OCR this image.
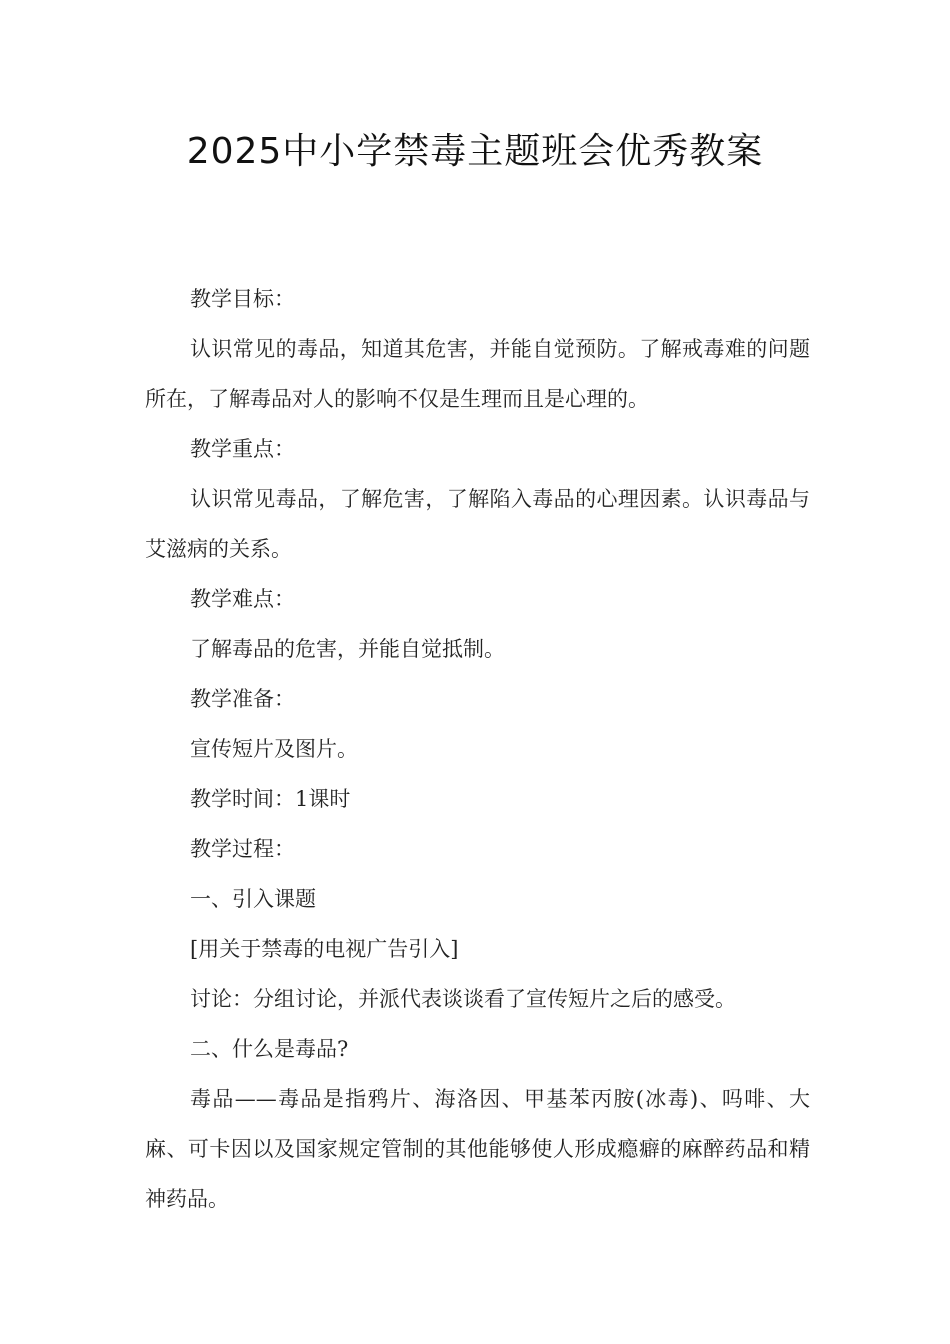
2025中小学禁毒主题班会优秀教案

教学目标：

认识常见的毒品，知道其危害，并能自觉预防。了解戒毒难的问题所在，了解毒品对人的影响不仅是生理而且是心理的。

教学重点：

认识常见毒品，了解危害，了解陷入毒品的心理因素。认识毒品与艾滋病的关系。

教学难点：

了解毒品的危害，并能自觉抵制。

教学准备：

宣传短片及图片。

教学时间：1课时

教学过程：

一、引入课题

[用关于禁毒的电视广告引入]

讨论：分组讨论，并派代表谈谈看了宣传短片之后的感受。

二、什么是毒品?

毒品——毒品是指鸦片、海洛因、甲基苯丙胺(冰毒)、吗啡、大麻、可卡因以及国家规定管制的其他能够使人形成瘾癖的麻醉药品和精神药品。
